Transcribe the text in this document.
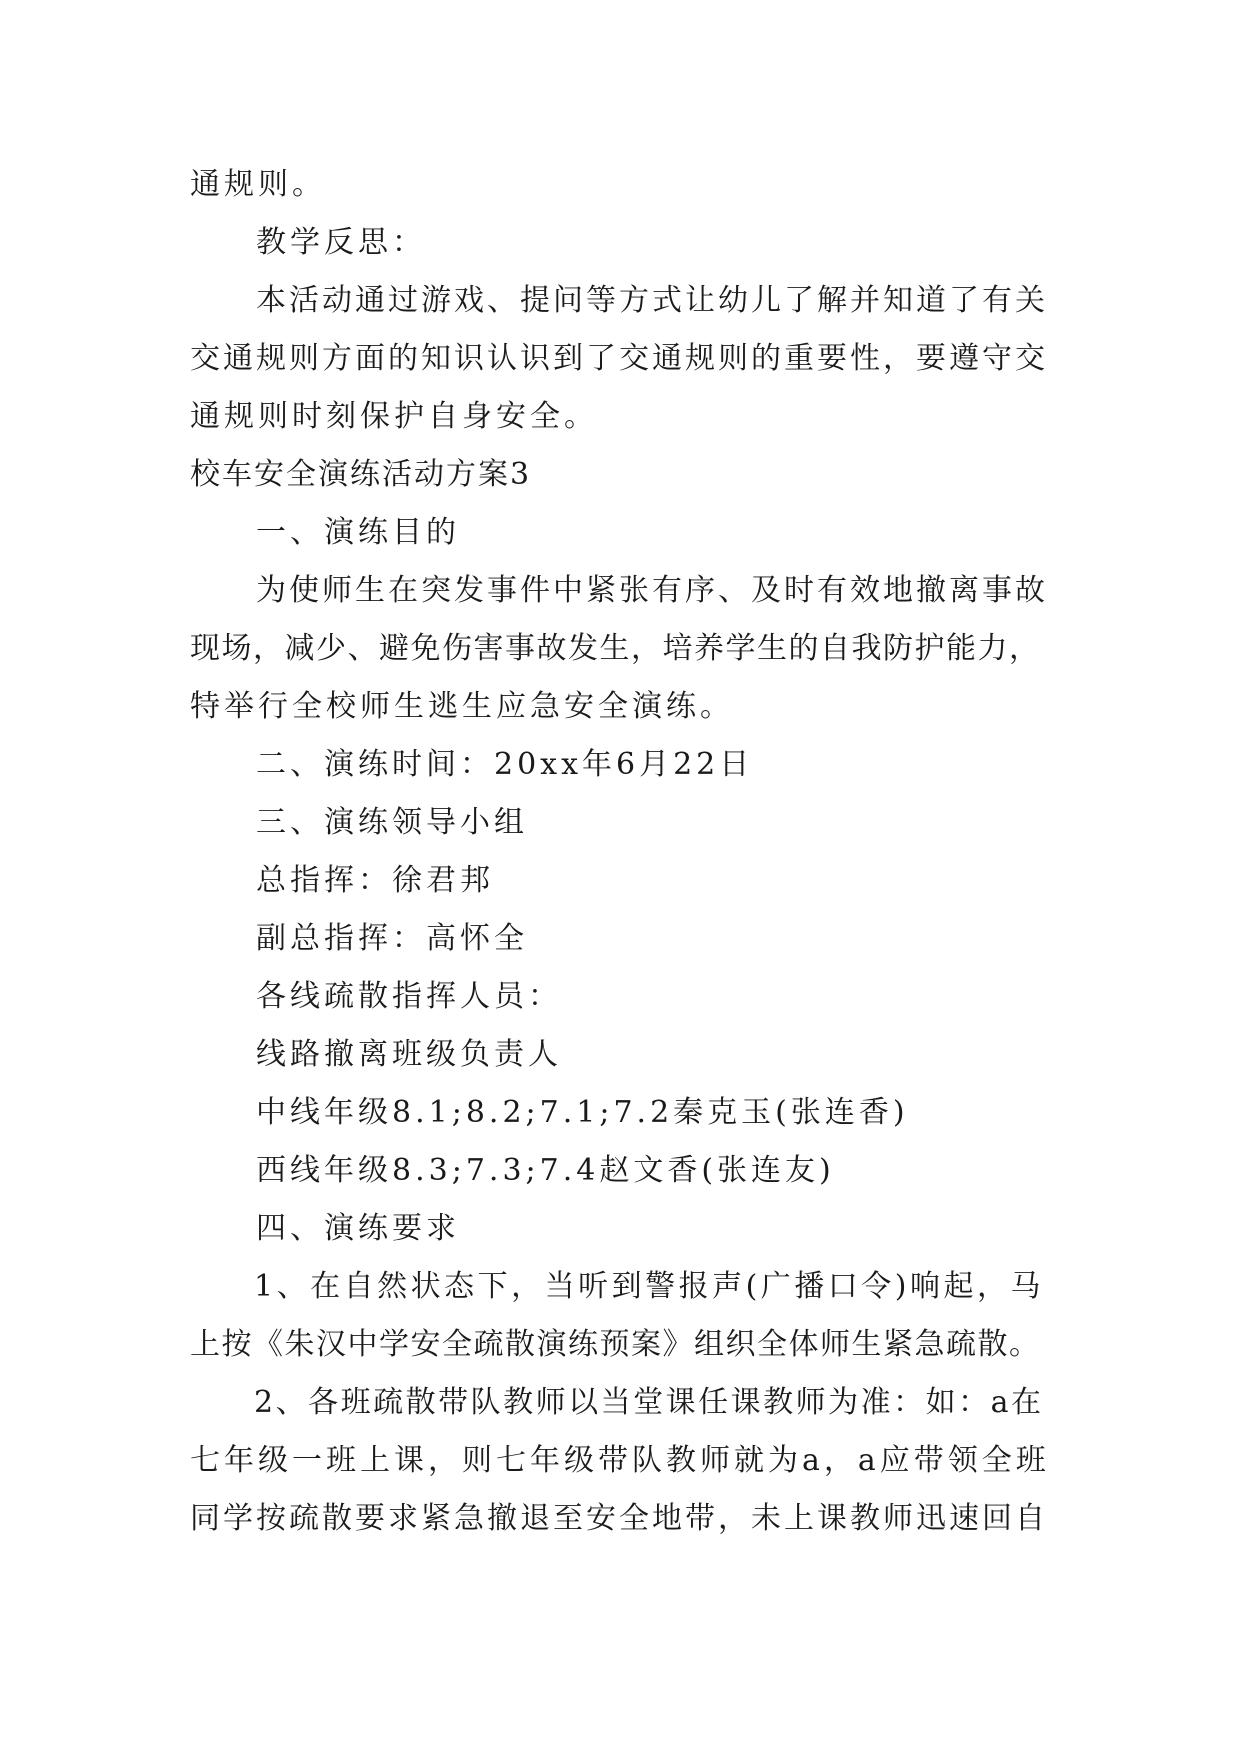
通规则。
教学反思：
本活动通过游戏、提问等方式让幼儿了解并知道了有关
交通规则方面的知识认识到了交通规则的重要性，要遵守交
通规则时刻保护自身安全。
校车安全演练活动方案3
一、演练目的
为使师生在突发事件中紧张有序、及时有效地撤离事故
现场，减少、避免伤害事故发生，培养学生的自我防护能力，
特举行全校师生逃生应急安全演练。
二、演练时间：20xx年6月22日
三、演练领导小组
总指挥：徐君邦
副总指挥：高怀全
各线疏散指挥人员：
线路撤离班级负责人
中线年级8.1;8.2;7.1;7.2秦克玉(张连香)
西线年级8.3;7.3;7.4赵文香(张连友)
四、演练要求
1、在自然状态下，当听到警报声(广播口令)响起，马
上按《朱汉中学安全疏散演练预案》组织全体师生紧急疏散。
2、各班疏散带队教师以当堂课任课教师为准：如：a在
七年级一班上课，则七年级带队教师就为a，a应带领全班
同学按疏散要求紧急撤退至安全地带，未上课教师迅速回自
